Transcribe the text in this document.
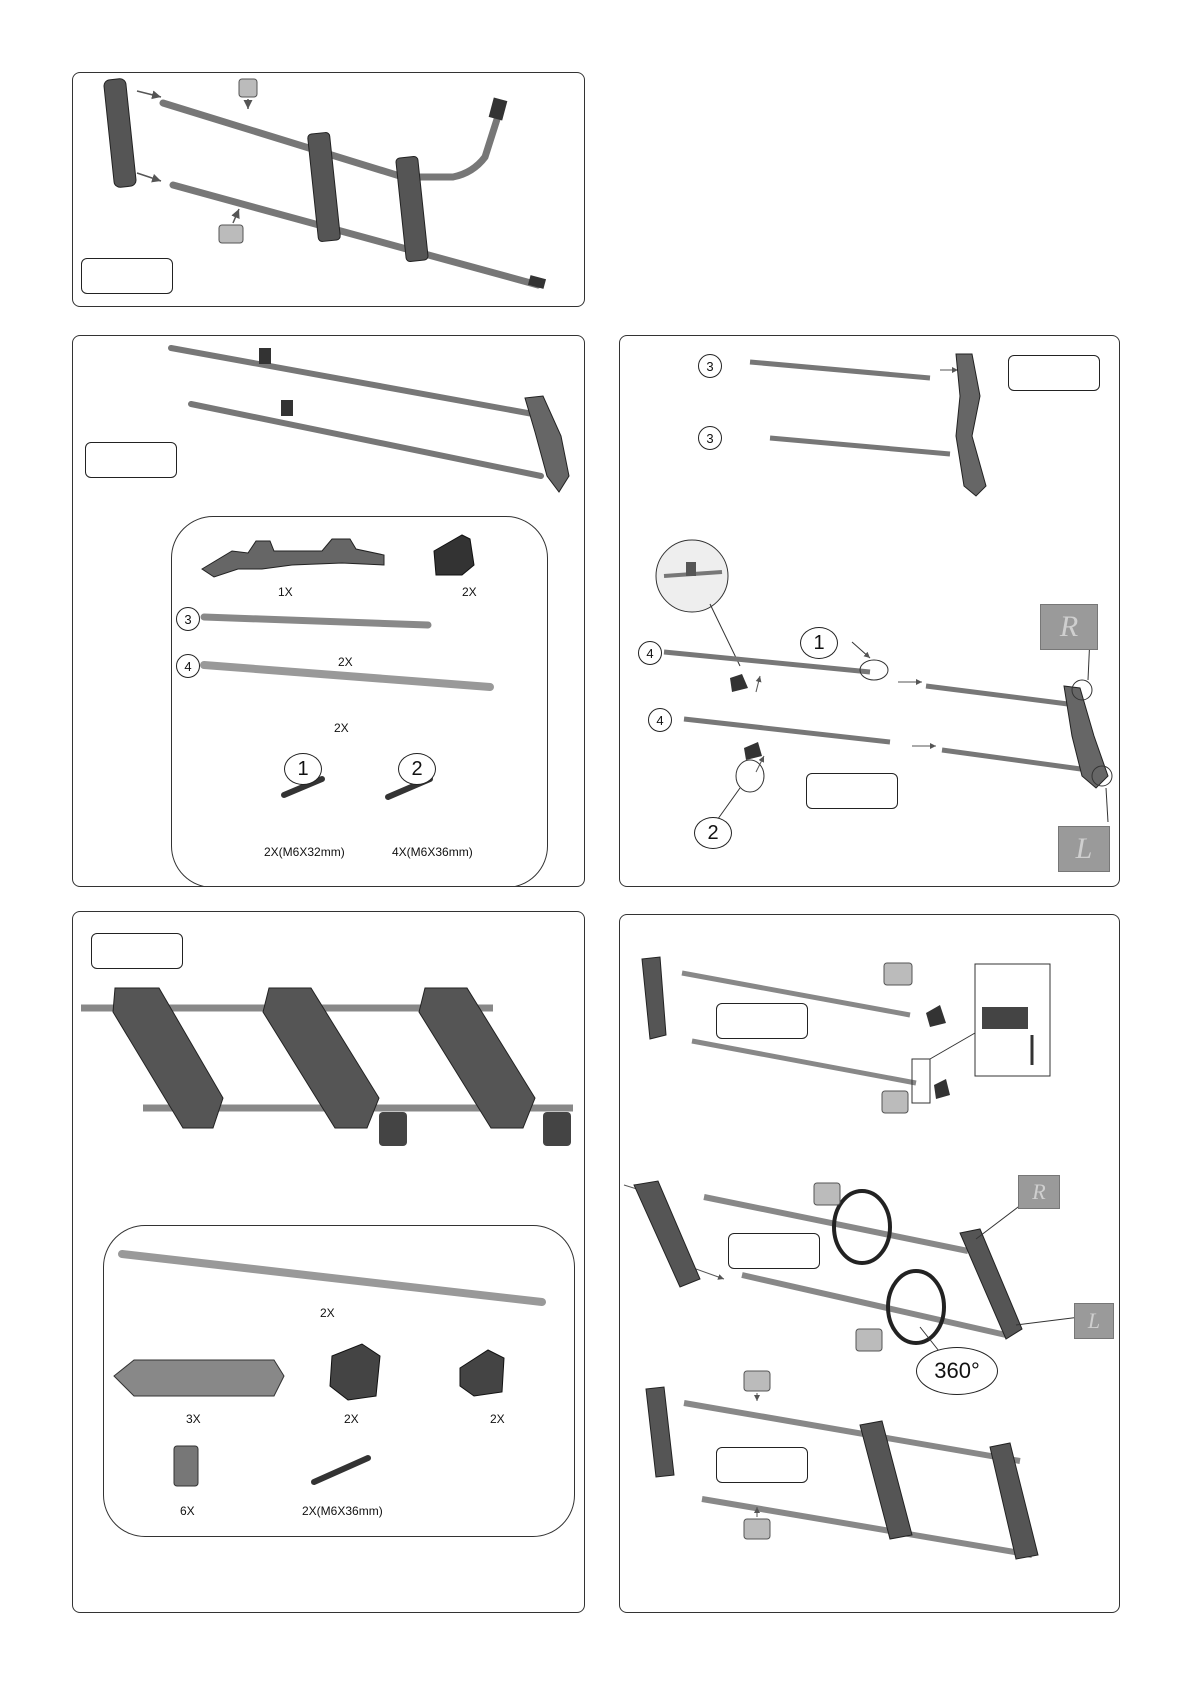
1X	2X
3
2X
4
2X
1	2
2X(M6X32mm)	4X(M6X36mm)
3
3
4
4
1
2
R
L
2X
3X	2X	2X
6X	2X(M6X36mm)
R
L
360°
